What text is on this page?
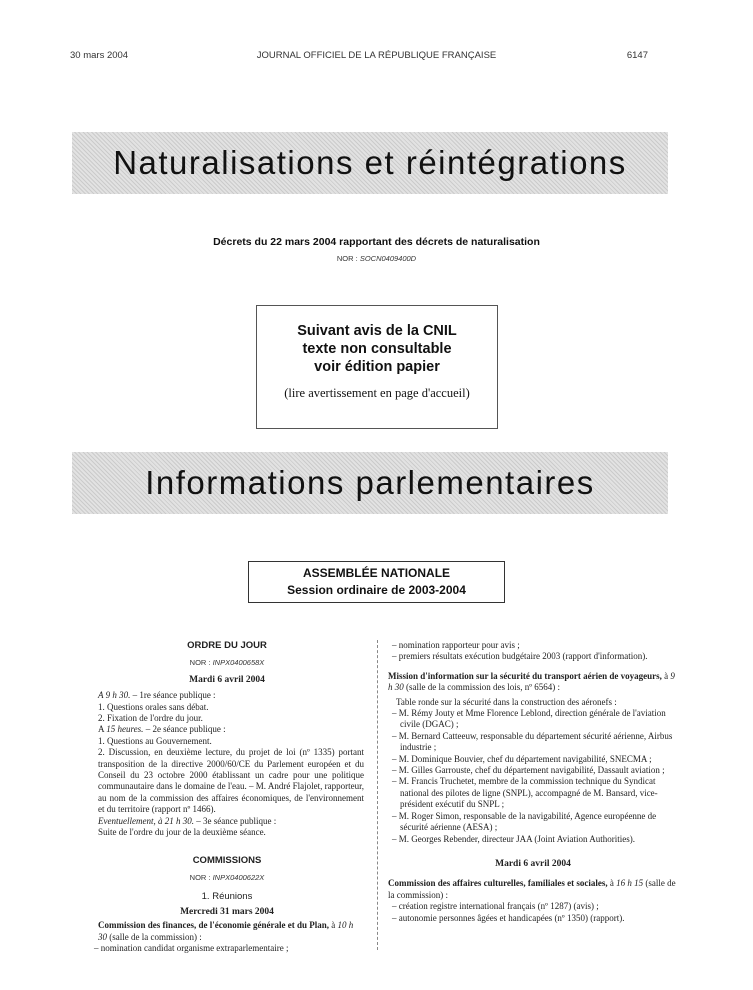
30 mars 2004	JOURNAL OFFICIEL DE LA RÉPUBLIQUE FRANÇAISE	6147
Naturalisations et réintégrations
Décrets du 22 mars 2004 rapportant des décrets de naturalisation
NOR : SOCN0409400D
Suivant avis de la CNIL
texte non consultable
voir édition papier
(lire avertissement en page d'accueil)
Informations parlementaires
ASSEMBLÉE NATIONALE
Session ordinaire de 2003-2004

ORDRE DU JOUR

NOR : INPX0400658X

Mardi 6 avril 2004

A 9 h 30. – 1re séance publique :

1. Questions orales sans débat.

2. Fixation de l'ordre du jour.

A 15 heures. – 2e séance publique :

1. Questions au Gouvernement.

2. Discussion, en deuxième lecture, du projet de loi (nº 1335) portant transposition de la directive 2000/60/CE du Parlement européen et du Conseil du 23 octobre 2000 établissant un cadre pour une politique communautaire dans le domaine de l'eau. – M. André Flajolet, rapporteur, au nom de la commission des affaires économiques, de l'environnement et du territoire (rapport nº 1466).

Eventuellement, à 21 h 30. – 3e séance publique :

Suite de l'ordre du jour de la deuxième séance.

COMMISSIONS

NOR : INPX0400622X

1. Réunions

Mercredi 31 mars 2004

Commission des finances, de l'économie générale et du Plan, à 10 h 30 (salle de la commission) :

– nomination candidat organisme extraparlementaire ;

– nomination rapporteur pour avis ;

– premiers résultats exécution budgétaire 2003 (rapport d'information).

Mission d'information sur la sécurité du transport aérien de voyageurs, à 9 h 30 (salle de la commission des lois, nº 6564) :

Table ronde sur la sécurité dans la construction des aéronefs :

– M. Rémy Jouty et Mme Florence Leblond, direction générale de l'aviation civile (DGAC) ;

– M. Bernard Catteeuw, responsable du département sécurité aérienne, Airbus industrie ;

– M. Dominique Bouvier, chef du département navigabilité, SNECMA ;

– M. Gilles Garrouste, chef du département navigabilité, Dassault aviation ;

– M. Francis Truchetet, membre de la commission technique du Syndicat national des pilotes de ligne (SNPL), accompagné de M. Bansard, vice-président exécutif du SNPL ;

– M. Roger Simon, responsable de la navigabilité, Agence européenne de sécurité aérienne (AESA) ;

– M. Georges Rebender, directeur JAA (Joint Aviation Authorities).

Mardi 6 avril 2004

Commission des affaires culturelles, familiales et sociales, à 16 h 15 (salle de la commission) :

– création registre international français (nº 1287) (avis) ;

– autonomie personnes âgées et handicapées (nº 1350) (rapport).
